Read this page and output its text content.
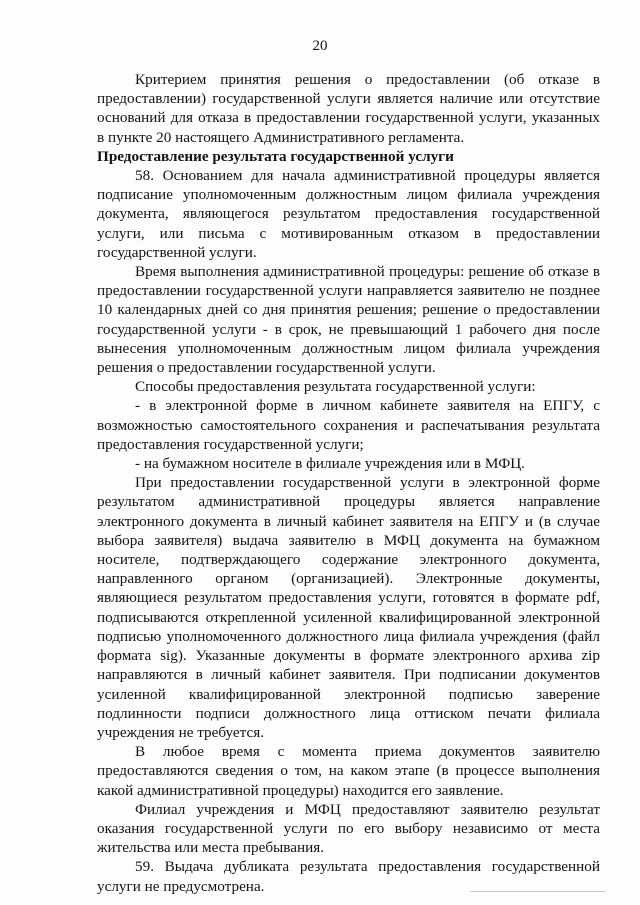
20

Критерием принятия решения о предоставлении (об отказе в предоставлении) государственной услуги является наличие или отсутствие оснований для отказа в предоставлении государственной услуги, указанных в пункте 20 настоящего Административного регламента.

Предоставление результата государственной услуги

58. Основанием для начала административной процедуры является подписание уполномоченным должностным лицом филиала учреждения документа, являющегося результатом предоставления государственной услуги, или письма с мотивированным отказом в предоставлении государственной услуги.

Время выполнения административной процедуры: решение об отказе в предоставлении государственной услуги направляется заявителю не позднее 10 календарных дней со дня принятия решения; решение о предоставлении государственной услуги - в срок, не превышающий 1 рабочего дня после вынесения уполномоченным должностным лицом филиала учреждения решения о предоставлении государственной услуги.

Способы предоставления результата государственной услуги:

- в электронной форме в личном кабинете заявителя на ЕПГУ, с возможностью самостоятельного сохранения и распечатывания результата предоставления государственной услуги;

- на бумажном носителе в филиале учреждения или в МФЦ.

При предоставлении государственной услуги в электронной форме результатом административной процедуры является направление электронного документа в личный кабинет заявителя на ЕПГУ и (в случае выбора заявителя) выдача заявителю в МФЦ документа на бумажном носителе, подтверждающего содержание электронного документа, направленного органом (организацией). Электронные документы, являющиеся результатом предоставления услуги, готовятся в формате pdf, подписываются открепленной усиленной квалифицированной электронной подписью уполномоченного должностного лица филиала учреждения (файл формата sig). Указанные документы в формате электронного архива zip направляются в личный кабинет заявителя. При подписании документов усиленной квалифицированной электронной подписью заверение подлинности подписи должностного лица оттиском печати филиала учреждения не требуется.

В любое время с момента приема документов заявителю предоставляются сведения о том, на каком этапе (в процессе выполнения какой административной процедуры) находится его заявление.

Филиал учреждения и МФЦ предоставляют заявителю результат оказания государственной услуги по его выбору независимо от места жительства или места пребывания.

59. Выдача дубликата результата предоставления государственной услуги не предусмотрена.
